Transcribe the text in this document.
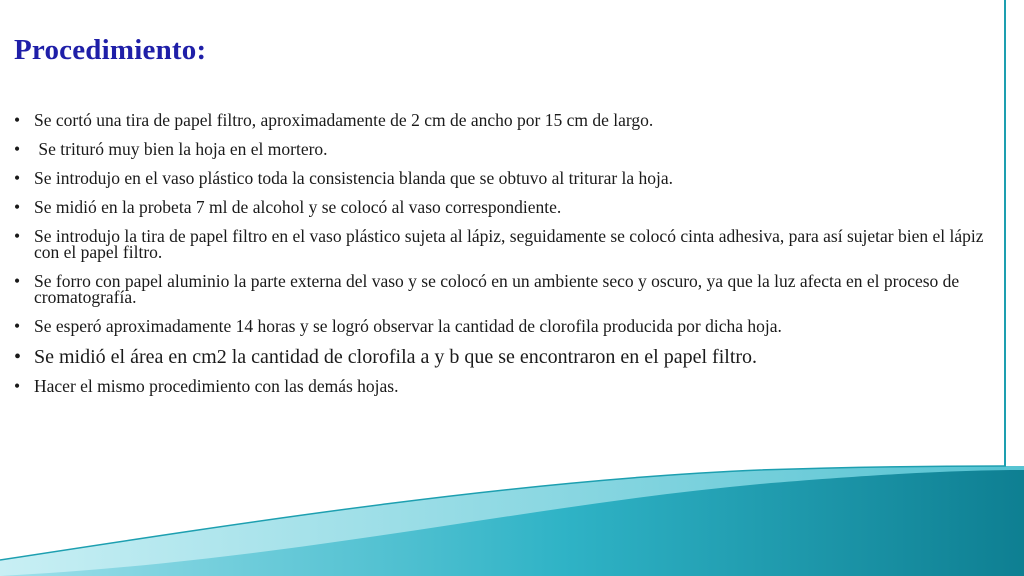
Procedimiento:
• Se cortó una tira de papel filtro, aproximadamente de 2 cm de ancho por 15 cm de largo.
• Se trituró muy bien la hoja en el mortero.
• Se introdujo en el vaso plástico toda la consistencia blanda que se obtuvo al triturar la hoja.
• Se midió en la probeta 7 ml de alcohol y se colocó al vaso correspondiente.
• Se introdujo la tira de papel filtro en el vaso plástico sujeta al lápiz, seguidamente se colocó cinta adhesiva, para así sujetar bien el lápiz con el papel filtro.
• Se forro con papel aluminio la parte externa del vaso y se colocó en un ambiente seco y oscuro, ya que la luz afecta en el proceso de cromatografía.
• Se esperó aproximadamente 14 horas y se logró observar la cantidad de clorofila producida por dicha hoja.
• Se midió el área en cm2 la cantidad de clorofila a y b que se encontraron en el papel filtro.
• Hacer el mismo procedimiento con las demás hojas.
